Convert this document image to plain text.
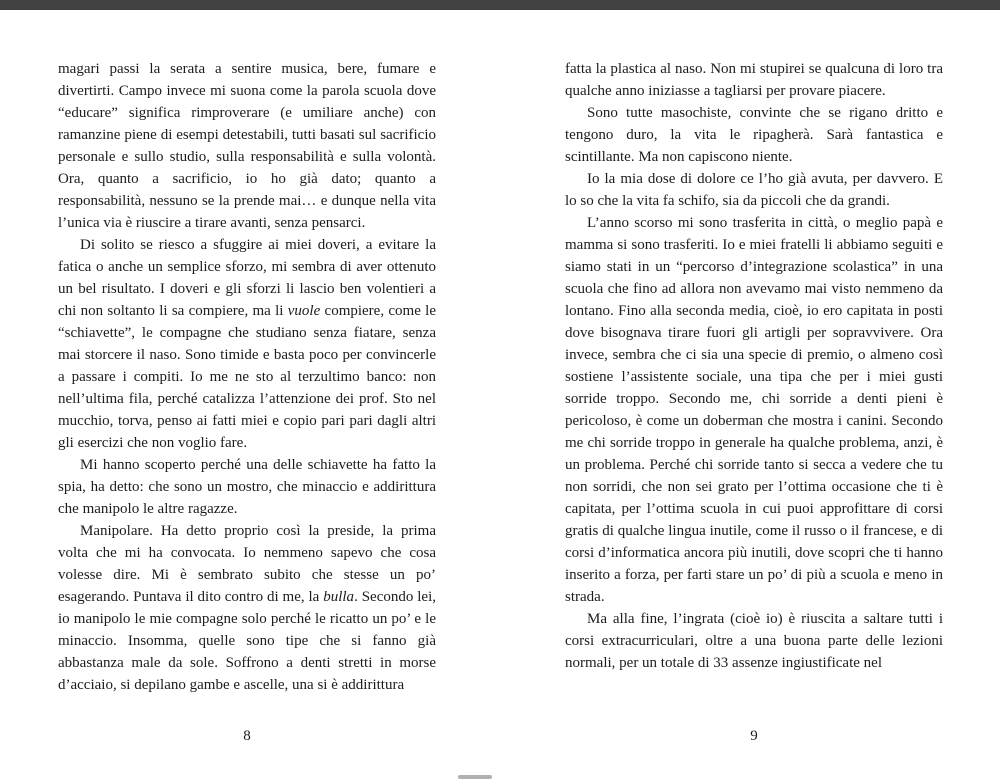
magari passi la serata a sentire musica, bere, fumare e divertirti. Campo invece mi suona come la parola scuola dove “educare” significa rimproverare (e umiliare anche) con ramanzine piene di esempi detestabili, tutti basati sul sacrificio personale e sullo studio, sulla responsabilità e sulla volontà. Ora, quanto a sacrificio, io ho già dato; quanto a responsabilità, nessuno se la prende mai… e dunque nella vita l’unica via è riuscire a tirare avanti, senza pensarci.

Di solito se riesco a sfuggire ai miei doveri, a evitare la fatica o anche un semplice sforzo, mi sembra di aver ottenuto un bel risultato. I doveri e gli sforzi li lascio ben volentieri a chi non soltanto li sa compiere, ma li vuole compiere, come le “schiavette”, le compagne che studiano senza fiatare, senza mai storcere il naso. Sono timide e basta poco per convincerle a passare i compiti. Io me ne sto al terzultimo banco: non nell’ultima fila, perché catalizza l’attenzione dei prof. Sto nel mucchio, torva, penso ai fatti miei e copio pari pari dagli altri gli esercizi che non voglio fare.

Mi hanno scoperto perché una delle schiavette ha fatto la spia, ha detto: che sono un mostro, che minaccio e addirittura che manipolo le altre ragazze.

Manipolare. Ha detto proprio così la preside, la prima volta che mi ha convocata. Io nemmeno sapevo che cosa volesse dire. Mi è sembrato subito che stesse un po’ esagerando. Puntava il dito contro di me, la bulla. Secondo lei, io manipolo le mie compagne solo perché le ricatto un po’ e le minaccio. Insomma, quelle sono tipe che si fanno già abbastanza male da sole. Soffrono a denti stretti in morse d’acciaio, si depilano gambe e ascelle, una si è addirittura

8

fatta la plastica al naso. Non mi stupirei se qualcuna di loro tra qualche anno iniziasse a tagliarsi per provare piacere.

Sono tutte masochiste, convinte che se rigano dritto e tengono duro, la vita le ripagherà. Sarà fantastica e scintillante. Ma non capiscono niente.

Io la mia dose di dolore ce l’ho già avuta, per davvero. E lo so che la vita fa schifo, sia da piccoli che da grandi.

L’anno scorso mi sono trasferita in città, o meglio papà e mamma si sono trasferiti. Io e miei fratelli li abbiamo seguiti e siamo stati in un “percorso d’integrazione scolastica” in una scuola che fino ad allora non avevamo mai visto nemmeno da lontano. Fino alla seconda media, cioè, io ero capitata in posti dove bisognava tirare fuori gli artigli per sopravvivere. Ora invece, sembra che ci sia una specie di premio, o almeno così sostiene l’assistente sociale, una tipa che per i miei gusti sorride troppo. Secondo me, chi sorride a denti pieni è pericoloso, è come un doberman che mostra i canini. Secondo me chi sorride troppo in generale ha qualche problema, anzi, è un problema. Perché chi sorride tanto si secca a vedere che tu non sorridi, che non sei grato per l’ottima occasione che ti è capitata, per l’ottima scuola in cui puoi approfittare di corsi gratis di qualche lingua inutile, come il russo o il francese, e di corsi d’informatica ancora più inutili, dove scopri che ti hanno inserito a forza, per farti stare un po’ di più a scuola e meno in strada.

Ma alla fine, l’ingrata (cioè io) è riuscita a saltare tutti i corsi extracurriculari, oltre a una buona parte delle lezioni normali, per un totale di 33 assenze ingiustificate nel

9
